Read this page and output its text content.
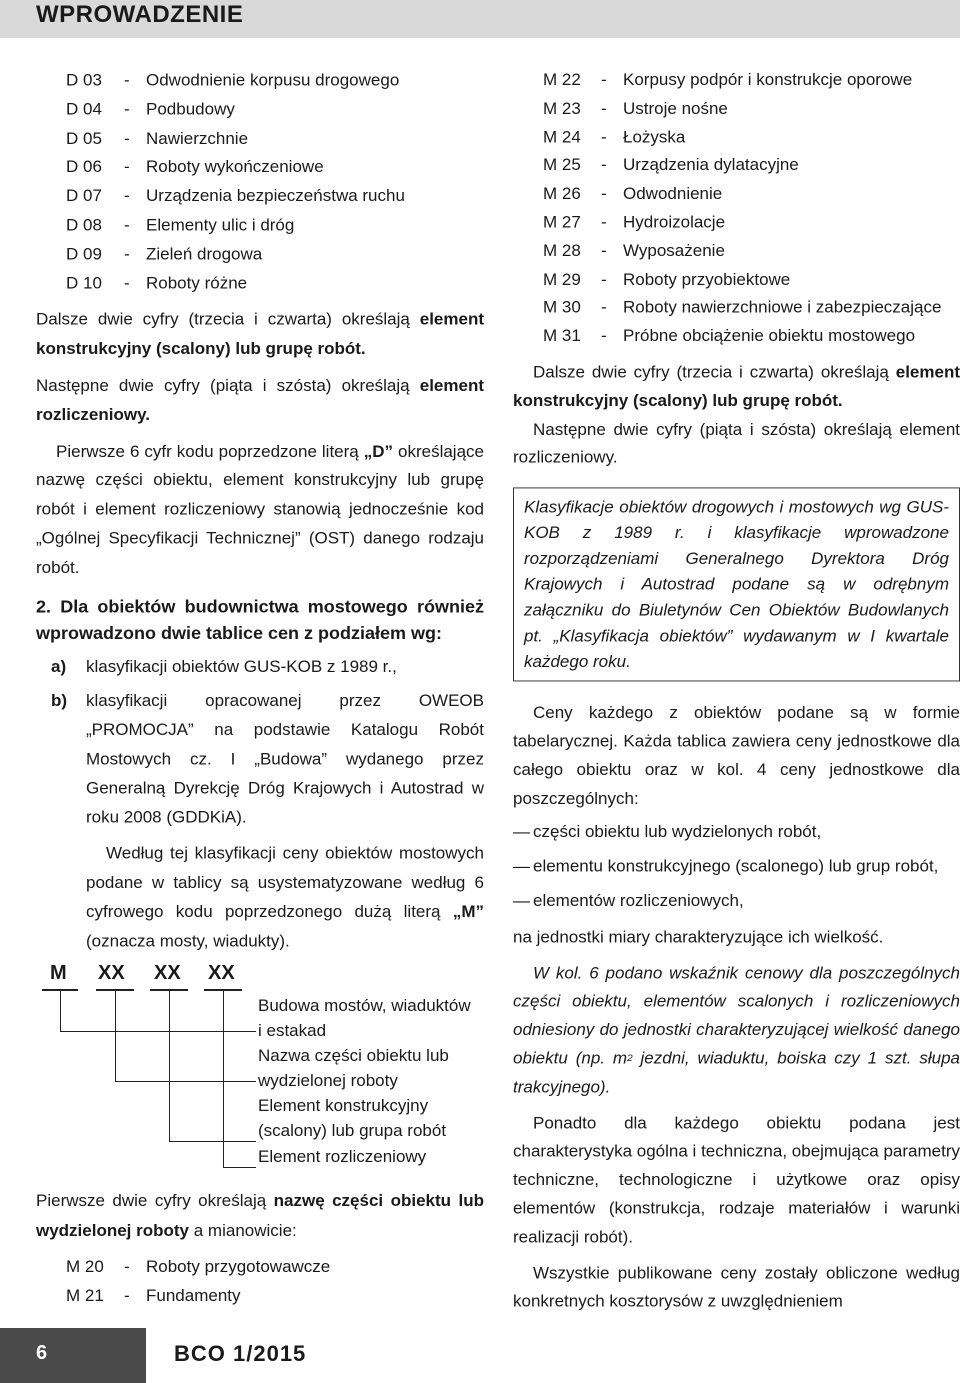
WPROWADZENIE
D 03 - Odwodnienie korpusu drogowego
D 04 - Podbudowy
D 05 - Nawierzchnie
D 06 - Roboty wykończeniowe
D 07 - Urządzenia bezpieczeństwa ruchu
D 08 - Elementy ulic i dróg
D 09 - Zieleń drogowa
D 10 - Roboty różne

Dalsze dwie cyfry (trzecia i czwarta) określają element konstrukcyjny (scalony) lub grupę robót.

Następne dwie cyfry (piąta i szósta) określają element rozliczeniowy.

Pierwsze 6 cyfr kodu poprzedzone literą „D” określające nazwę części obiektu, element konstrukcyjny lub grupę robót i element rozliczeniowy stanowią jednocześnie kod „Ogólnej Specyfikacji Technicznej” (OST) danego rodzaju robót.

2. Dla obiektów budownictwa mostowego również wprowadzono dwie tablice cen z podziałem wg:

a) klasyfikacji obiektów GUS-KOB z 1989 r.,

b) klasyfikacji opracowanej przez OWEOB „PROMOCJA” na podstawie Katalogu Robót Mostowych cz. I „Budowa” wydanego przez Generalną Dyrekcję Dróg Krajowych i Autostrad w roku 2008 (GDDKiA).

Według tej klasyfikacji ceny obiektów mostowych podane w tablicy są usystematyzowane według 6 cyfrowego kodu poprzedzonego dużą literą „M” (oznacza mosty, wiadukty).

M XX XX XX
Budowa mostów, wiaduktów i estakad
Nazwa części obiektu lub wydzielonej roboty
Element konstrukcyjny (scalony) lub grupa robót
Element rozliczeniowy

Pierwsze dwie cyfry określają nazwę części obiektu lub wydzielonej roboty a mianowicie:

M 20 - Roboty przygotowawcze
M 21 - Fundamenty
M 22 - Korpusy podpór i konstrukcje oporowe
M 23 - Ustroje nośne
M 24 - Łożyska
M 25 - Urządzenia dylatacyjne
M 26 - Odwodnienie
M 27 - Hydroizolacje
M 28 - Wyposażenie
M 29 - Roboty przyobiektowe
M 30 - Roboty nawierzchniowe i zabezpieczające
M 31 - Próbne obciążenie obiektu mostowego

Dalsze dwie cyfry (trzecia i czwarta) określają element konstrukcyjny (scalony) lub grupę robót.

Następne dwie cyfry (piąta i szósta) określają element rozliczeniowy.

Klasyfikacje obiektów drogowych i mostowych wg GUS-KOB z 1989 r. i klasyfikacje wprowadzone rozporządzeniami Generalnego Dyrektora Dróg Krajowych i Autostrad podane są w odrębnym załączniku do Biuletynów Cen Obiektów Budowlanych pt. „Klasyfikacja obiektów” wydawanym w I kwartale każdego roku.

Ceny każdego z obiektów podane są w formie tabelarycznej. Każda tablica zawiera ceny jednostkowe dla całego obiektu oraz w kol. 4 ceny jednostkowe dla poszczególnych:

— części obiektu lub wydzielonych robót,

— elementu konstrukcyjnego (scalonego) lub grup robót,

— elementów rozliczeniowych,

na jednostki miary charakteryzujące ich wielkość.

W kol. 6 podano wskaźnik cenowy dla poszczególnych części obiektu, elementów scalonych i rozliczeniowych odniesiony do jednostki charakteryzującej wielkość danego obiektu (np. $m^2$ jezdni, wiaduktu, boiska czy 1 szt. słupa trakcyjnego).

Ponadto dla każdego obiektu podana jest charakterystyka ogólna i techniczna, obejmująca parametry techniczne, technologiczne i użytkowe oraz opisy elementów (konstrukcja, rodzaje materiałów i warunki realizacji robót).

Wszystkie publikowane ceny zostały obliczone według konkretnych kosztorysów z uwzględnieniem

6	BCO 1/2015
